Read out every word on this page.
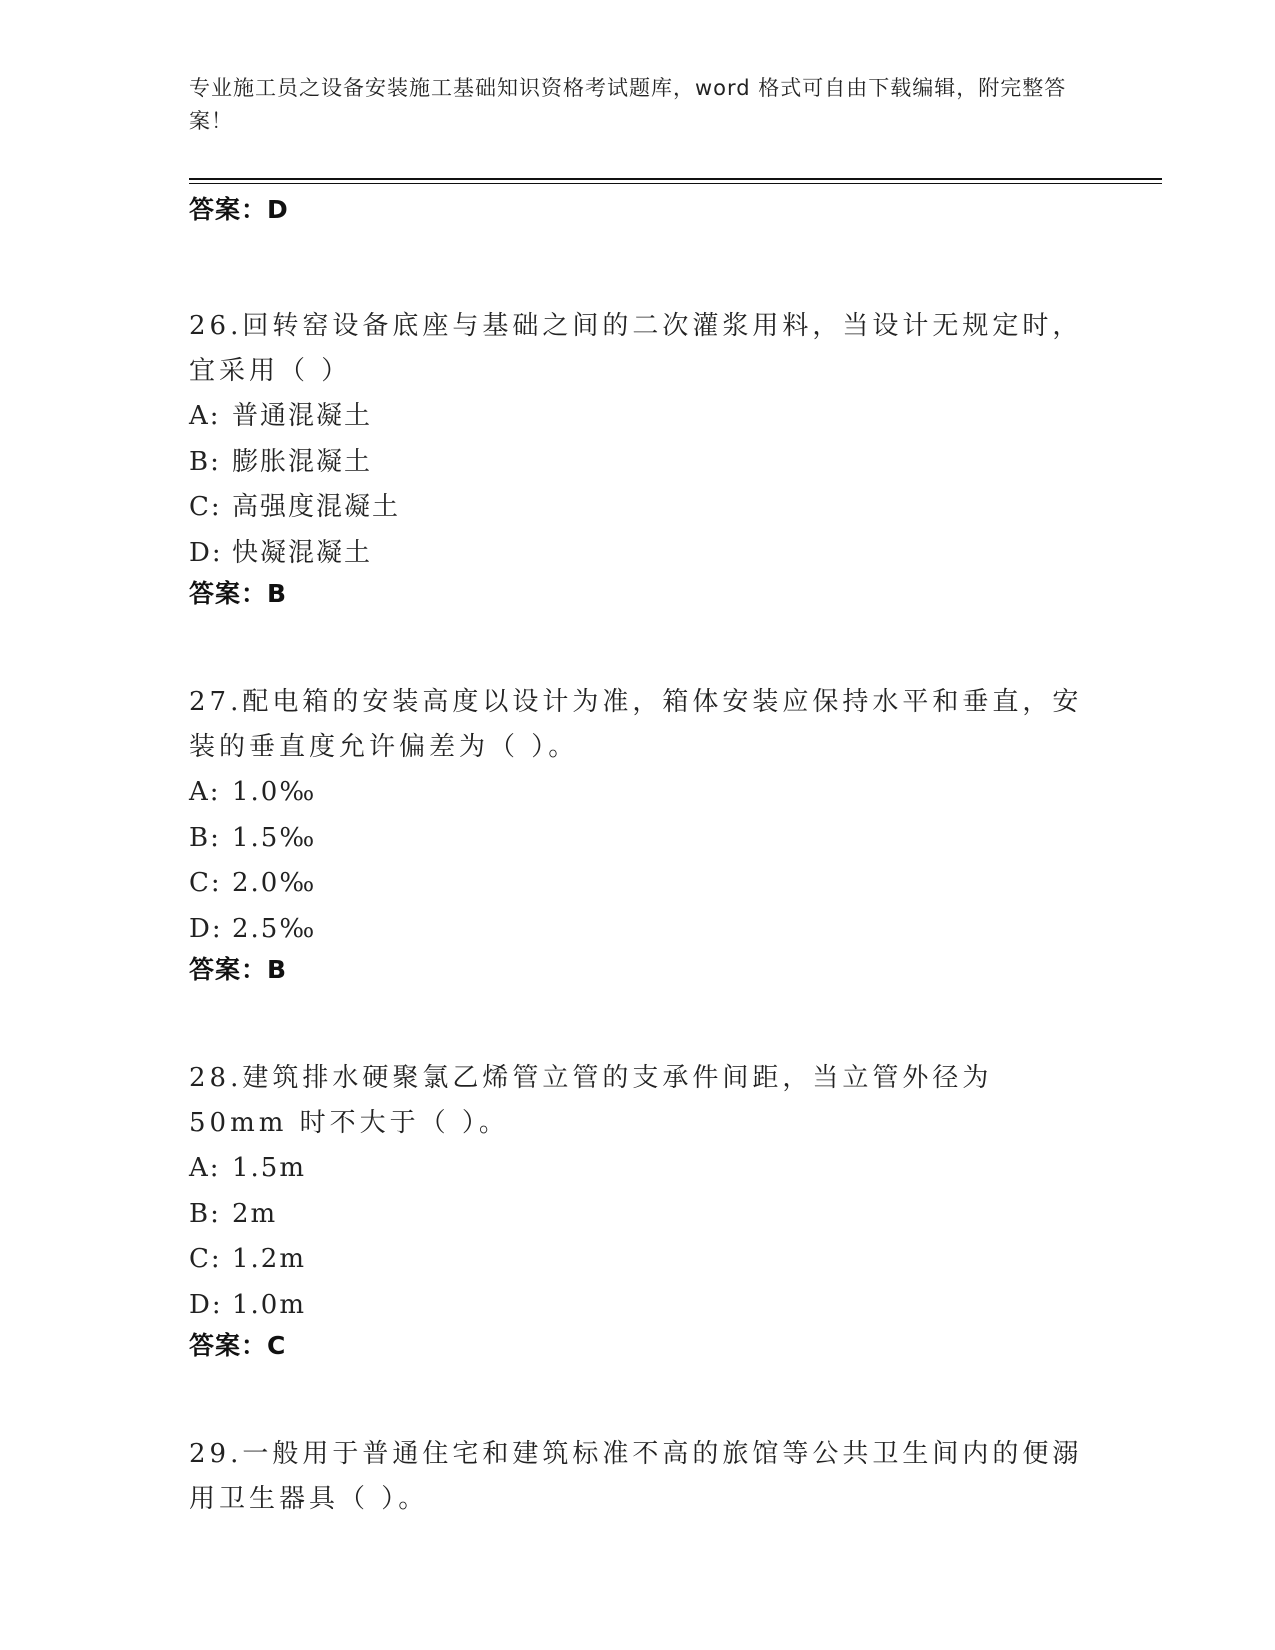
专业施工员之设备安装施工基础知识资格考试题库，word 格式可自由下载编辑，附完整答案！
答案：D
26.回转窑设备底座与基础之间的二次灌浆用料，当设计无规定时，宜采用（ ）
A: 普通混凝土
B: 膨胀混凝土
C: 高强度混凝土
D: 快凝混凝土
答案：B
27.配电箱的安装高度以设计为准，箱体安装应保持水平和垂直，安装的垂直度允许偏差为（ ）。
A: 1.0‰
B: 1.5‰
C: 2.0‰
D: 2.5‰
答案：B
28.建筑排水硬聚氯乙烯管立管的支承件间距，当立管外径为 50mm 时不大于（ ）。
A: 1.5m
B: 2m
C: 1.2m
D: 1.0m
答案：C
29.一般用于普通住宅和建筑标准不高的旅馆等公共卫生间内的便溺用卫生器具（ ）。
